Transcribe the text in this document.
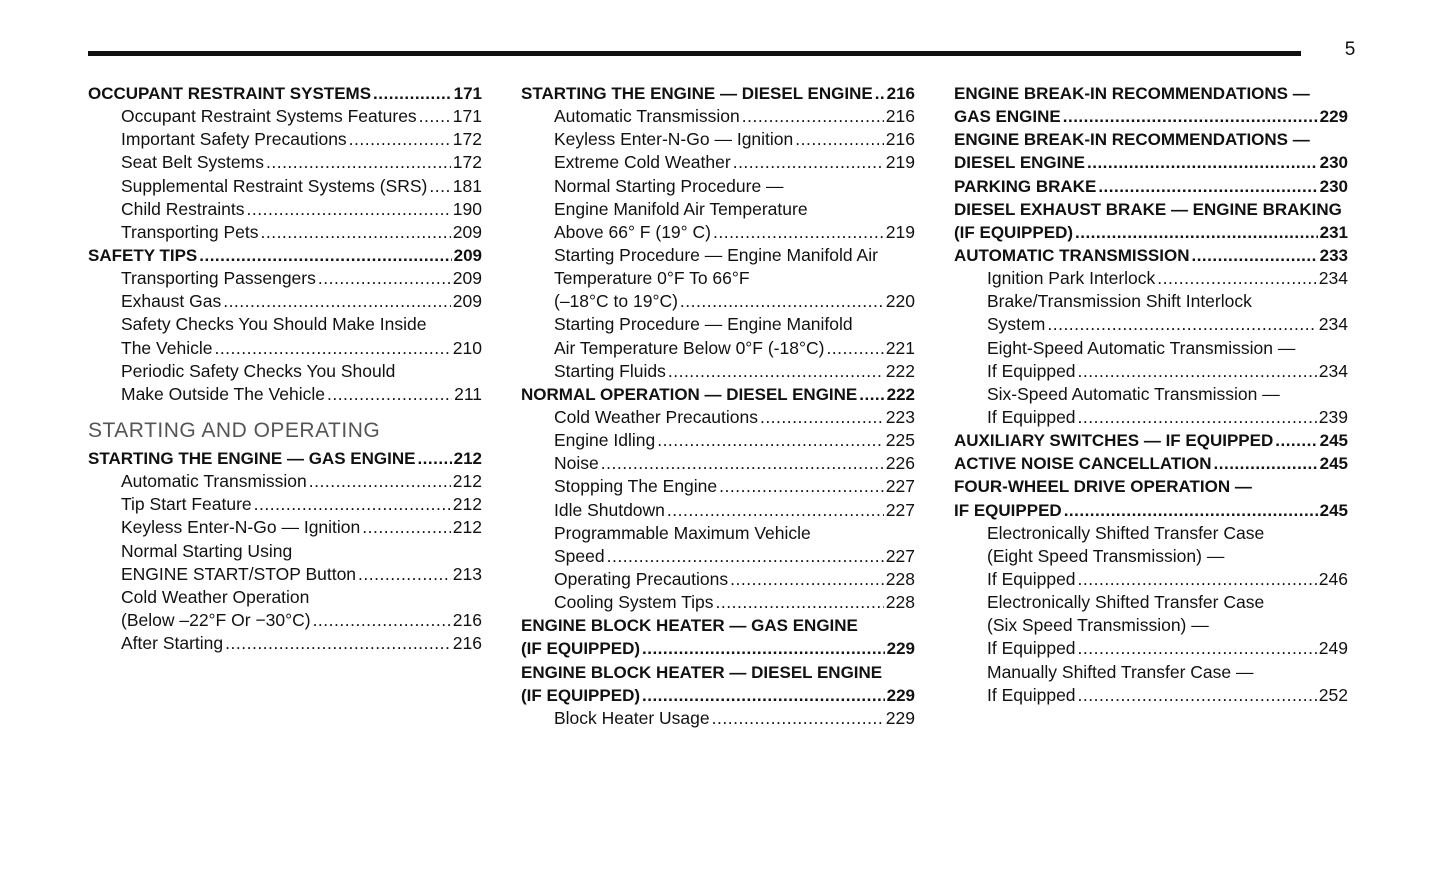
5
OCCUPANT RESTRAINT SYSTEMS .....	171
Occupant Restraint Systems Features ..... 171
Important Safety Precautions .....	172
Seat Belt Systems .....	172
Supplemental Restraint Systems (SRS) ..... 181
Child Restraints .....	190
Transporting Pets .....	209
SAFETY TIPS .....	209
Transporting Passengers .....	209
Exhaust Gas .....	209
Safety Checks You Should Make Inside
The Vehicle .....	210
Periodic Safety Checks You Should
Make Outside The Vehicle .....	211
STARTING AND OPERATING
STARTING THE ENGINE — GAS ENGINE ..... 212
Automatic Transmission .....	212
Tip Start Feature .....	212
Keyless Enter-N-Go — Ignition .....	212
Normal Starting Using
ENGINE START/STOP Button .....	213
Cold Weather Operation
(Below –22°F Or −30°C) .....	216
After Starting .....	216
STARTING THE ENGINE — DIESEL ENGINE ..... 216
Automatic Transmission .....	216
Keyless Enter-N-Go — Ignition .....	216
Extreme Cold Weather .....	219
Normal Starting Procedure —
Engine Manifold Air Temperature
Above 66° F (19° C) .....	219
Starting Procedure — Engine Manifold Air
Temperature 0°F To 66°F
(–18°C to 19°C) .....	220
Starting Procedure — Engine Manifold
Air Temperature Below 0°F (-18°C) .....	221
Starting Fluids .....	222
NORMAL OPERATION — DIESEL ENGINE ..... 222
Cold Weather Precautions .....	223
Engine Idling .....	225
Noise .....	226
Stopping The Engine .....	227
Idle Shutdown .....	227
Programmable Maximum Vehicle
Speed .....	227
Operating Precautions .....	228
Cooling System Tips .....	228
ENGINE BLOCK HEATER — GAS ENGINE
(IF EQUIPPED) .....	229
ENGINE BLOCK HEATER — DIESEL ENGINE
(IF EQUIPPED) .....	229
Block Heater Usage .....	229
ENGINE BREAK-IN RECOMMENDATIONS —
GAS ENGINE .....	229
ENGINE BREAK-IN RECOMMENDATIONS —
DIESEL ENGINE .....	230
PARKING BRAKE .....	230
DIESEL EXHAUST BRAKE — ENGINE BRAKING
(IF EQUIPPED) .....	231
AUTOMATIC TRANSMISSION .....	233
Ignition Park Interlock .....	234
Brake/Transmission Shift Interlock
System .....	234
Eight-Speed Automatic Transmission —
If Equipped .....	234
Six-Speed Automatic Transmission —
If Equipped .....	239
AUXILIARY SWITCHES — IF EQUIPPED .....	245
ACTIVE NOISE CANCELLATION .....	245
FOUR-WHEEL DRIVE OPERATION —
IF EQUIPPED .....	245
Electronically Shifted Transfer Case
(Eight Speed Transmission) —
If Equipped .....	246
Electronically Shifted Transfer Case
(Six Speed Transmission) —
If Equipped .....	249
Manually Shifted Transfer Case —
If Equipped .....	252
